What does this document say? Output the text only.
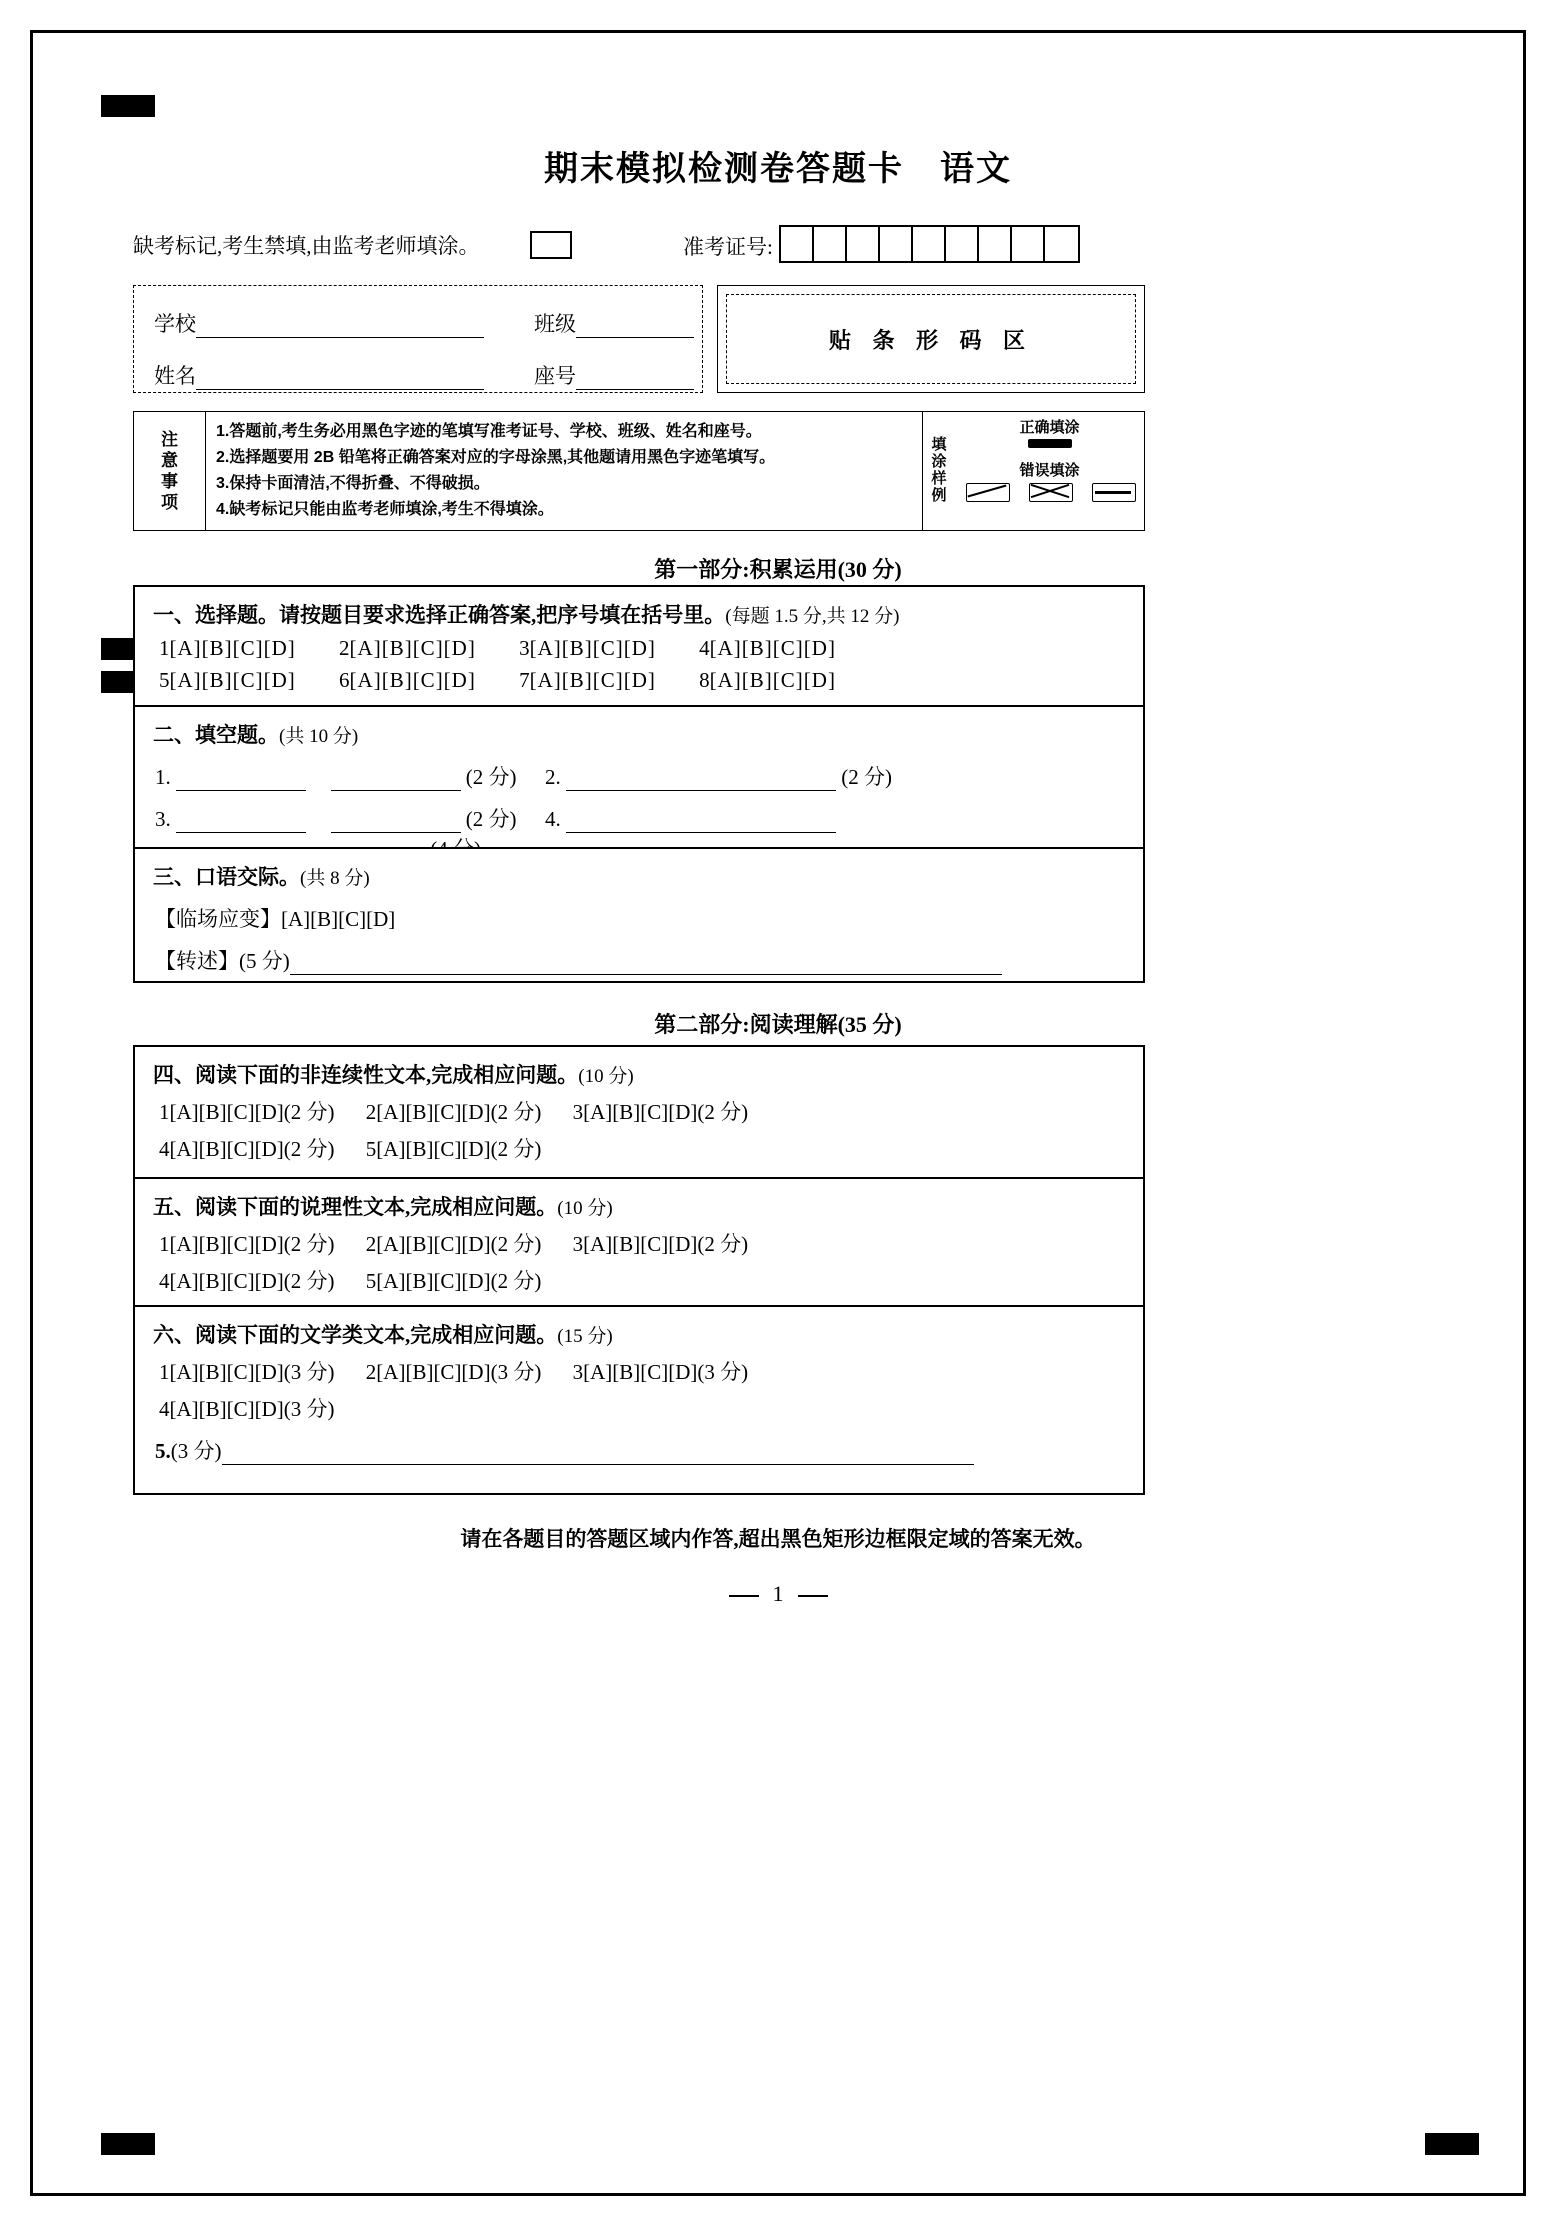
期末模拟检测卷答题卡 语文
缺考标记,考生禁填,由监考老师填涂。	准考证号:
学校	班级
姓名	座号
贴 条 形 码 区
注
意
事
项
1.答题前,考生务必用黑色字迹的笔填写准考证号、学校、班级、姓名和座号。
2.选择题要用 2B 铅笔将正确答案对应的字母涂黑,其他题请用黑色字迹笔填写。
3.保持卡面清洁,不得折叠、不得破损。
4.缺考标记只能由监考老师填涂,考生不得填涂。
填
涂
样
例
正确填涂
错误填涂
第一部分:积累运用(30 分)
一、选择题。请按题目要求选择正确答案,把序号填在括号里。(每题 1.5 分,共 12 分)
1[A][B][C][D] 2[A][B][C][D] 3[A][B][C][D] 4[A][B][C][D]
5[A][B][C][D] 6[A][B][C][D] 7[A][B][C][D] 8[A][B][C][D]
二、填空题。(共 10 分)
1.	(2 分) 2.	(2 分)
3.	(2 分) 4.
三、口语交际。(共 8 分)
【临场应变】[A][B][C][D]
【转述】(5 分)
第二部分:阅读理解(35 分)
四、阅读下面的非连续性文本,完成相应问题。(10 分)
1[A][B][C][D](2 分) 2[A][B][C][D](2 分) 3[A][B][C][D](2 分)
4[A][B][C][D](2 分) 5[A][B][C][D](2 分)
五、阅读下面的说理性文本,完成相应问题。(10 分)
1[A][B][C][D](2 分) 2[A][B][C][D](2 分) 3[A][B][C][D](2 分)
4[A][B][C][D](2 分) 5[A][B][C][D](2 分)
六、阅读下面的文学类文本,完成相应问题。(15 分)
1[A][B][C][D](3 分) 2[A][B][C][D](3 分) 3[A][B][C][D](3 分)
4[A][B][C][D](3 分)
5.(3 分)
请在各题目的答题区域内作答,超出黑色矩形边框限定域的答案无效。
1
